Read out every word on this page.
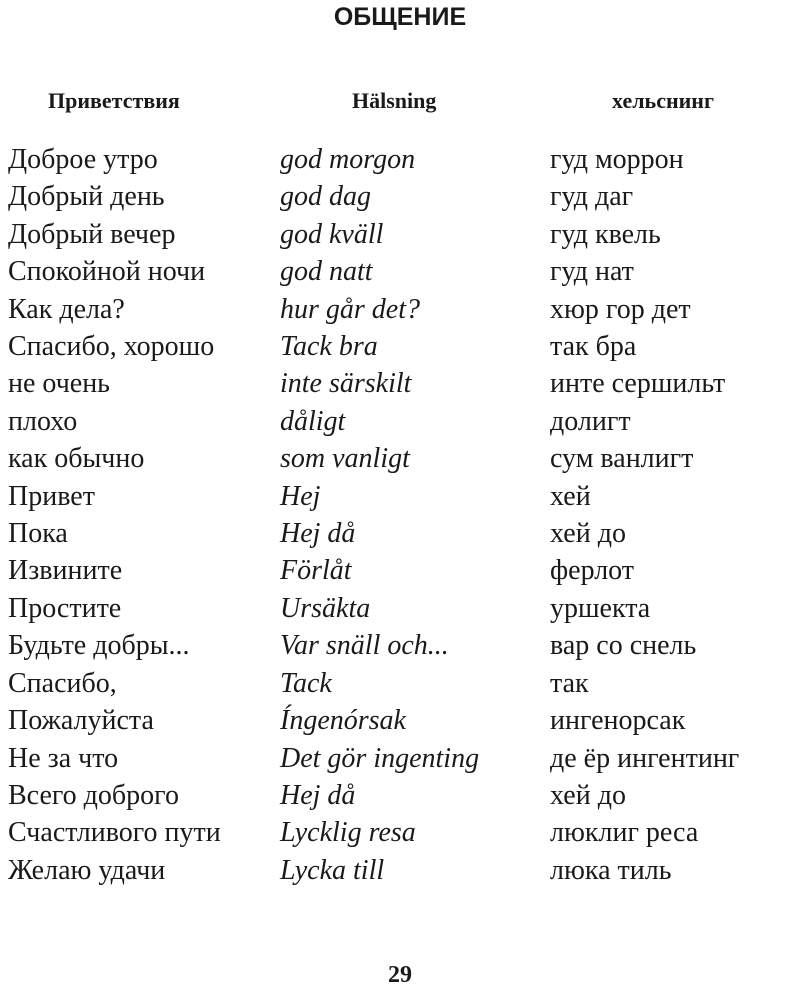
ОБЩЕНИЕ
Приветствия	Hälsning	хельснинг
Доброе утро	god morgon	гуд моррон
Добрый день	god dag	гуд даг
Добрый вечер	god kväll	гуд квель
Спокойной ночи	god natt	гуд нат
Как дела?	hur går det?	хюр гор дет
Спасибо, хорошо	Tack bra	так бра
не очень	inte särskilt	инте сершильт
плохо	dåligt	долигт
как обычно	som vanligt	сум ванлигт
Привет	Hej	хей
Пока	Hej då	хей до
Извините	Förlåt	ферлот
Простите	Ursäkta	уршекта
Будьте добры...	Var snäll och...	вар со снель
Спасибо,	Tack	так
Пожалуйста	Íngenórsak	ингенорсак
Не за что	Det gör ingenting	де ёр ингентинг
Всего доброго	Hej då	хей до
Счастливого пути	Lycklig resa	люклиг реса
Желаю удачи	Lycka till	люка тиль
29
